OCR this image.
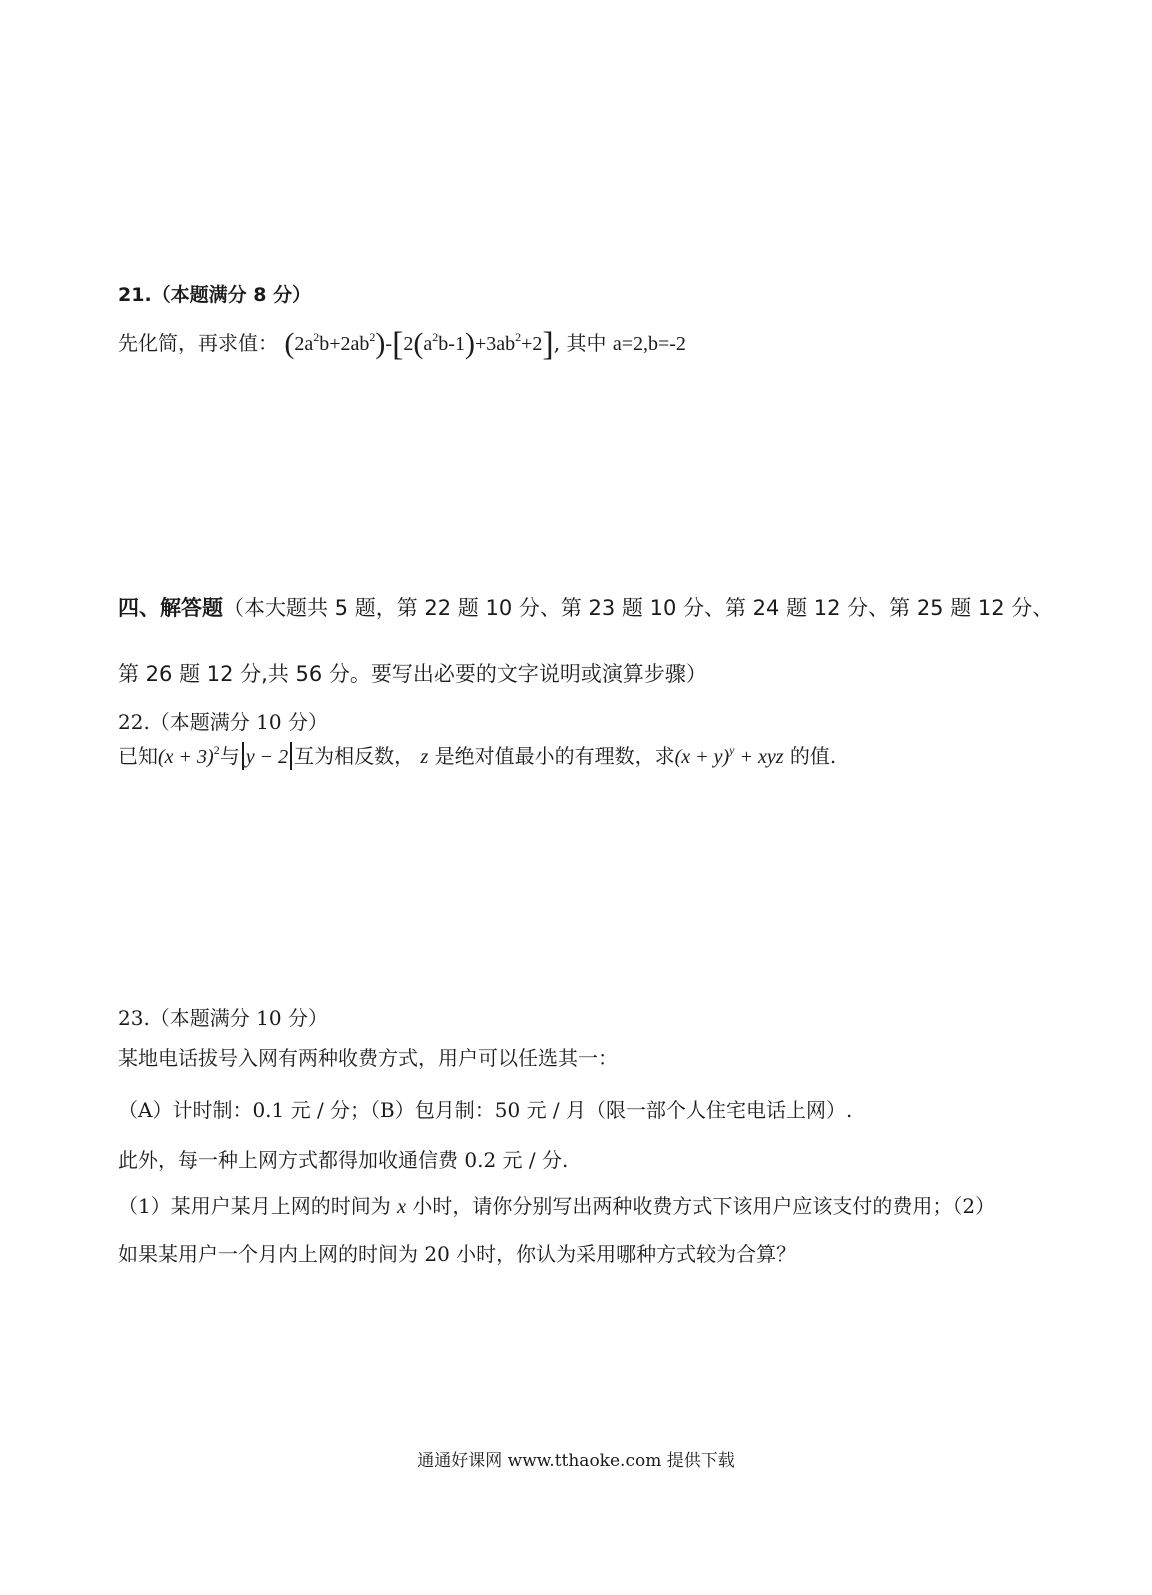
21.（本题满分 8 分）
先化简，再求值： $(2a^2b+2ab^2)-[2(a^2b-1)+3ab^2+2]$, 其中 a=2,b=-2
四、解答题（本大题共 5 题，第 22 题 10 分、第 23 题 10 分、第 24 题 12 分、第 25 题 12 分、
第 26 题 12 分,共 56 分。要写出必要的文字说明或演算步骤）
22.（本题满分 10 分）
已知$(x + 3)^2$与 y − 2 互为相反数， z 是绝对值最小的有理数，求$(x + y)^y$ + xyz 的值.
23.（本题满分 10 分）
某地电话拔号入网有两种收费方式，用户可以任选其一：
（A）计时制：0.1 元 / 分；（B）包月制：50 元 / 月（限一部个人住宅电话上网）.
此外，每一种上网方式都得加收通信费 0.2 元 / 分.
（1）某用户某月上网的时间为 x 小时，请你分别写出两种收费方式下该用户应该支付的费用；（2）
如果某用户一个月内上网的时间为 20 小时，你认为采用哪种方式较为合算？
通通好课网 www.tthaoke.com 提供下载
